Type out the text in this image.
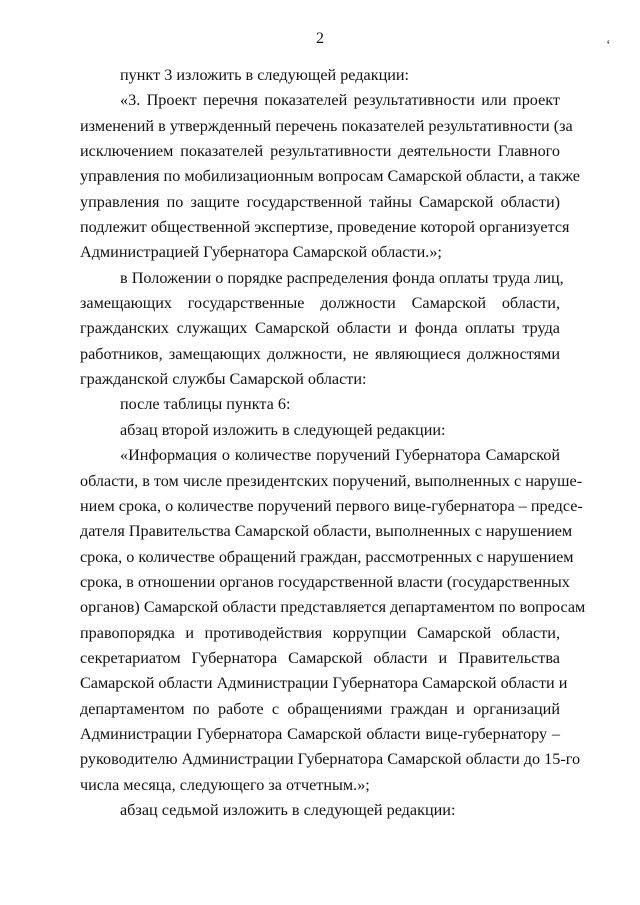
2	ʻ
пункт 3 изложить в следующей редакции:
«3. Проект перечня показателей результативности или проект
изменений в утвержденный перечень показателей результативности (за
исключением показателей результативности деятельности Главного
управления по мобилизационным вопросам Самарской области, а также
управления по защите государственной тайны Самарской области)
подлежит общественной экспертизе, проведение которой организуется
Администрацией Губернатора Самарской области.»;
в Положении о порядке распределения фонда оплаты труда лиц,
замещающих государственные должности Самарской области,
гражданских служащих Самарской области и фонда оплаты труда
работников, замещающих должности, не являющиеся должностями
гражданской службы Самарской области:
после таблицы пункта 6:
абзац второй изложить в следующей редакции:
«Информация о количестве поручений Губернатора Самарской
области, в том числе президентских поручений, выполненных с наруше-
нием срока, о количестве поручений первого вице-губернатора – предсе-
дателя Правительства Самарской области, выполненных с нарушением
срока, о количестве обращений граждан, рассмотренных с нарушением
срока, в отношении органов государственной власти (государственных
органов) Самарской области представляется департаментом по вопросам
правопорядка и противодействия коррупции Самарской области,
секретариатом Губернатора Самарской области и Правительства
Самарской области Администрации Губернатора Самарской области и
департаментом по работе с обращениями граждан и организаций
Администрации Губернатора Самарской области вице-губернатору –
руководителю Администрации Губернатора Самарской области до 15-го
числа месяца, следующего за отчетным.»;
абзац седьмой изложить в следующей редакции:
